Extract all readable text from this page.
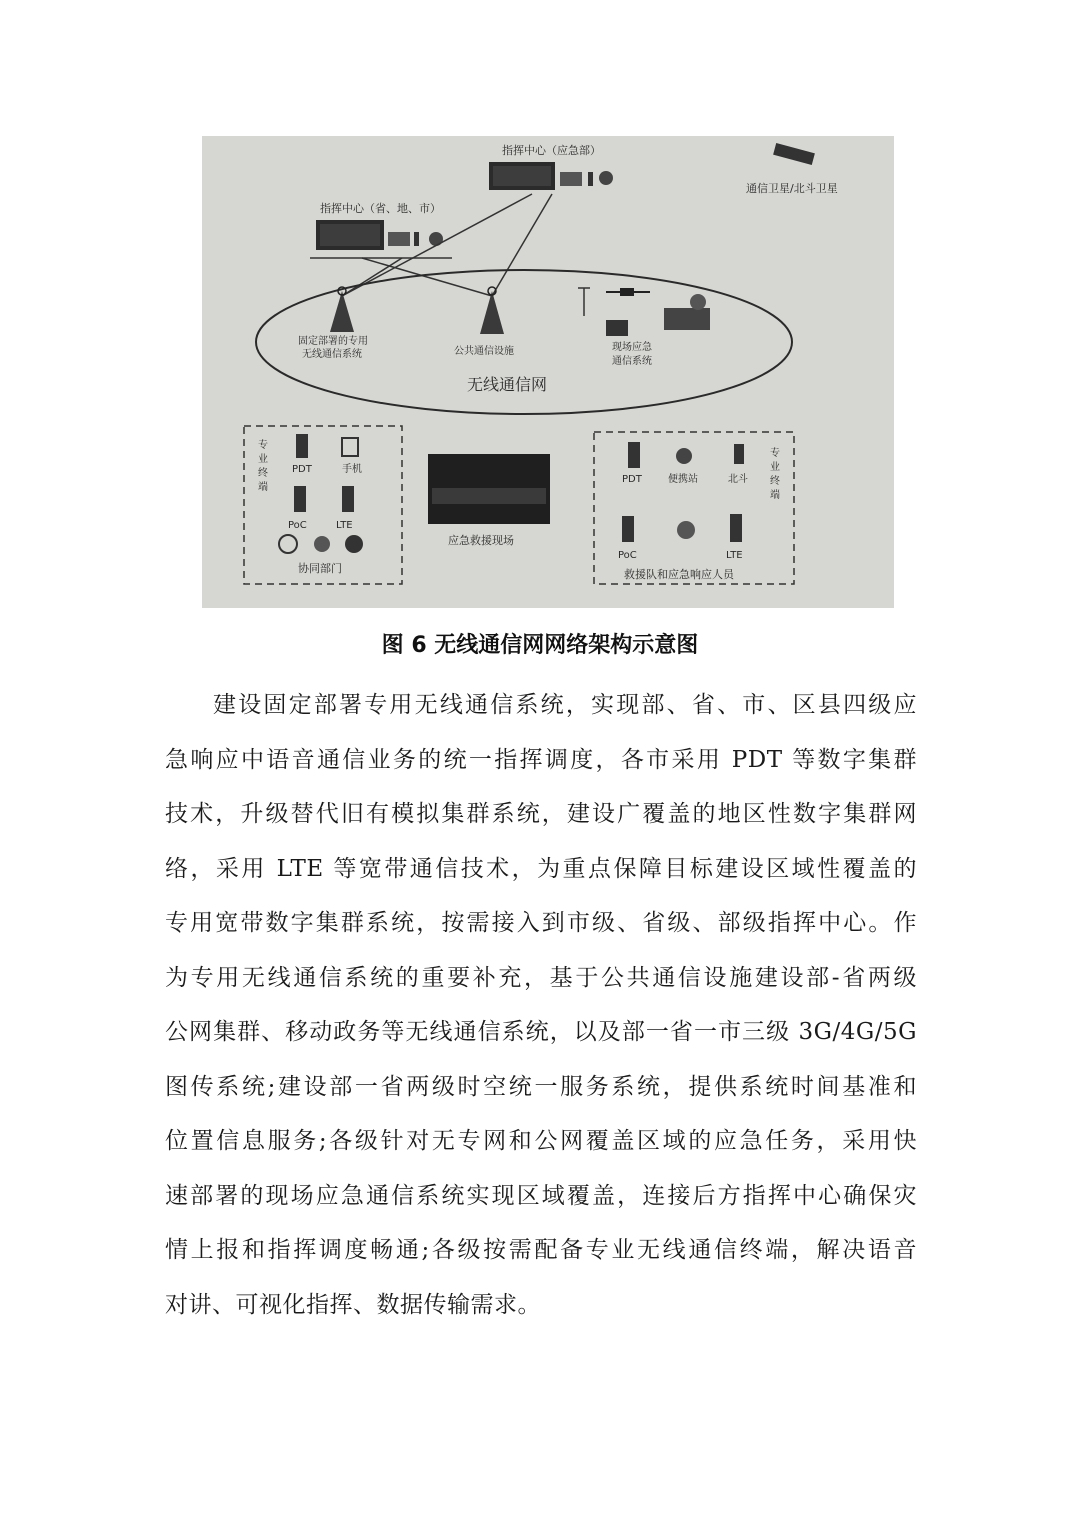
指挥中心（应急部）
通信卫星/北斗卫星
指挥中心（省、地、市）
固定部署的专用
无线通信系统	公共通信设施	现场应急
通信系统
无线通信网
专
业
终
端
PDT	手机
PoC	LTE
协同部门
应急救援现场
PDT	便携站	北斗
专
业
终
端
PoC	LTE
救援队和应急响应人员
图 6 无线通信网网络架构示意图
建设固定部署专用无线通信系统，实现部、省、市、区县四级应
急响应中语音通信业务的统一指挥调度，各市采用 PDT 等数字集群
技术，升级替代旧有模拟集群系统，建设广覆盖的地区性数字集群网
络，采用 LTE 等宽带通信技术，为重点保障目标建设区域性覆盖的
专用宽带数字集群系统，按需接入到市级、省级、部级指挥中心。作
为专用无线通信系统的重要补充，基于公共通信设施建设部-省两级
公网集群、移动政务等无线通信系统，以及部一省一市三级 3G/4G/5G
图传系统;建设部一省两级时空统一服务系统，提供系统时间基准和
位置信息服务;各级针对无专网和公网覆盖区域的应急任务，采用快
速部署的现场应急通信系统实现区域覆盖，连接后方指挥中心确保灾
情上报和指挥调度畅通;各级按需配备专业无线通信终端，解决语音
对讲、可视化指挥、数据传输需求。
